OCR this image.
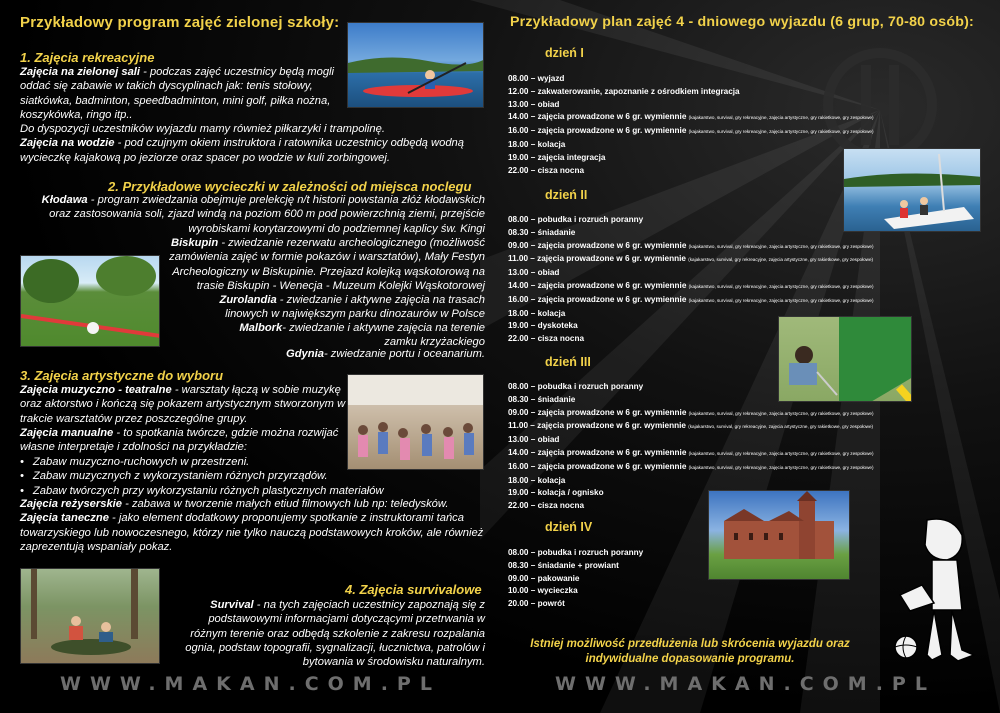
Przykładowy program zajęć zielonej szkoły:
1. Zajęcia rekreacyjne
Zajęcia na zielonej sali - podczas zajęć uczestnicy będą mogli oddać się zabawie w takich dyscyplinach jak: tenis stołowy, siatkówka, badminton, speedbadminton, mini golf, piłka nożna, koszykówka, ringo itp..
Do dyspozycji uczestników wyjazdu mamy również piłkarzyki i trampolinę.
Zajęcia na wodzie - pod czujnym okiem instruktora i ratownika uczestnicy odbędą wodną wycieczkę kajakową po jeziorze oraz spacer po wodzie w kuli zorbingowej.
2. Przykładowe wycieczki w zależności od miejsca noclegu
Kłodawa - program zwiedzania obejmuje prelekcję n/t historii powstania złóż kłodawskich oraz zastosowania soli, zjazd windą na poziom 600 m pod powierzchnią ziemi, przejście wyrobiskami korytarzowymi do podziemnej kaplicy św. Kingi
Biskupin - zwiedzanie rezerwatu archeologicznego (możliwość zamówienia zajęć w formie pokazów i warsztatów), Mały Festyn Archeologiczny w Biskupinie. Przejazd kolejką wąskotorową na trasie Biskupin - Wenecja - Muzeum Kolejki Wąskotorowej
Zurolandia - zwiedzanie i aktywne zajęcia na trasach linowych w największym parku dinozaurów w Polsce
Malbork- zwiedzanie i aktywne zajęcia na terenie zamku krzyżackiego
Gdynia- zwiedzanie portu i oceanarium.
3. Zajęcia artystyczne do wyboru
Zajęcia muzyczno - teatralne - warsztaty łączą w sobie muzykę oraz aktorstwo i kończą się pokazem artystycznym stworzonym w trakcie warsztatów przez poszczególne grupy.
Zajęcia manualne - to spotkania twórcze, gdzie można rozwijać własne interpretaje i zdolności na przykładzie:
• Zabaw muzyczno-ruchowych w przestrzeni.
• Zabaw muzycznych z wykorzystaniem różnych przyrządów.
• Zabaw twórczych przy wykorzystaniu różnych plastycznych materiałów
Zajęcia reżyserskie - zabawa w tworzenie małych etiud filmowych lub np: teledysków.
Zajęcia taneczne - jako element dodatkowy proponujemy spotkanie z instruktorami tańca towarzyskiego lub nowoczesnego, którzy nie tylko nauczą podstawowych kroków, ale również zaprezentują wspaniały pokaz.
4. Zajęcia survivalowe
Survival - na tych zajęciach uczestnicy zapoznają się z podstawowymi informacjami dotyczącymi przetrwania w różnym terenie oraz odbędą szkolenie z zakresu rozpalania ognia, podstaw topografii, sygnalizacji, łucznictwa, patrolów i bytowania w środowisku naturalnym.
WWW.MAKAN.COM.PL
Przykładowy plan zajęć 4 - dniowego wyjazdu (6 grup, 70-80 osób):
dzień I
08.00 – wyjazd
12.00 – zakwaterowanie, zapoznanie z ośrodkiem integracja
13.00 – obiad
14.00 – zajęcia prowadzone w 6 gr. wymiennie (kajakarstwo, survival, gry rekreacyjne, zajęcia artystyczne, gry rakietkowe, gry zespołowe)
16.00 – zajęcia prowadzone w 6 gr. wymiennie (kajakarstwo, survival, gry rekreacyjne, zajęcia artystyczne, gry rakietkowe, gry zespołowe)
18.00 – kolacja
19.00 – zajęcia integracja
22.00 – cisza nocna
dzień II
08.00 – pobudka i rozruch poranny
08.30 – śniadanie
09.00 – zajęcia prowadzone w 6 gr. wymiennie (kajakarstwo, survival, gry rekreacyjne, zajęcia artystyczne, gry rakietkowe, gry zespołowe)
11.00 – zajęcia prowadzone w 6 gr. wymiennie (kajakarstwo, survival, gry rekreacyjne, zajęcia artystyczne, gry rakietkowe, gry zespołowe)
13.00 – obiad
14.00 – zajęcia prowadzone w 6 gr. wymiennie (kajakarstwo, survival, gry rekreacyjne, zajęcia artystyczne, gry rakietkowe, gry zespołowe)
16.00 – zajęcia prowadzone w 6 gr. wymiennie (kajakarstwo, survival, gry rekreacyjne, zajęcia artystyczne, gry rakietkowe, gry zespołowe)
18.00 – kolacja
19.00 – dyskoteka
22.00 – cisza nocna
dzień III
08.00 – pobudka i rozruch poranny
08.30 – śniadanie
09.00 – zajęcia prowadzone w 6 gr. wymiennie (kajakarstwo, survival, gry rekreacyjne, zajęcia artystyczne, gry rakietkowe, gry zespołowe)
11.00 – zajęcia prowadzone w 6 gr. wymiennie (kajakarstwo, survival, gry rekreacyjne, zajęcia artystyczne, gry rakietkowe, gry zespołowe)
13.00 – obiad
14.00 – zajęcia prowadzone w 6 gr. wymiennie (kajakarstwo, survival, gry rekreacyjne, zajęcia artystyczne, gry rakietkowe, gry zespołowe)
16.00 – zajęcia prowadzone w 6 gr. wymiennie (kajakarstwo, survival, gry rekreacyjne, zajęcia artystyczne, gry rakietkowe, gry zespołowe)
18.00 – kolacja
19.00 – kolacja / ognisko
22.00 – cisza nocna
dzień IV
08.00 – pobudka i rozruch poranny
08.30 – śniadanie + prowiant
09.00 – pakowanie
10.00 – wycieczka
20.00 – powrót
Istniej możliwość przedłużenia lub skrócenia wyjazdu oraz indywidualne dopasowanie programu.
WWW.MAKAN.COM.PL
